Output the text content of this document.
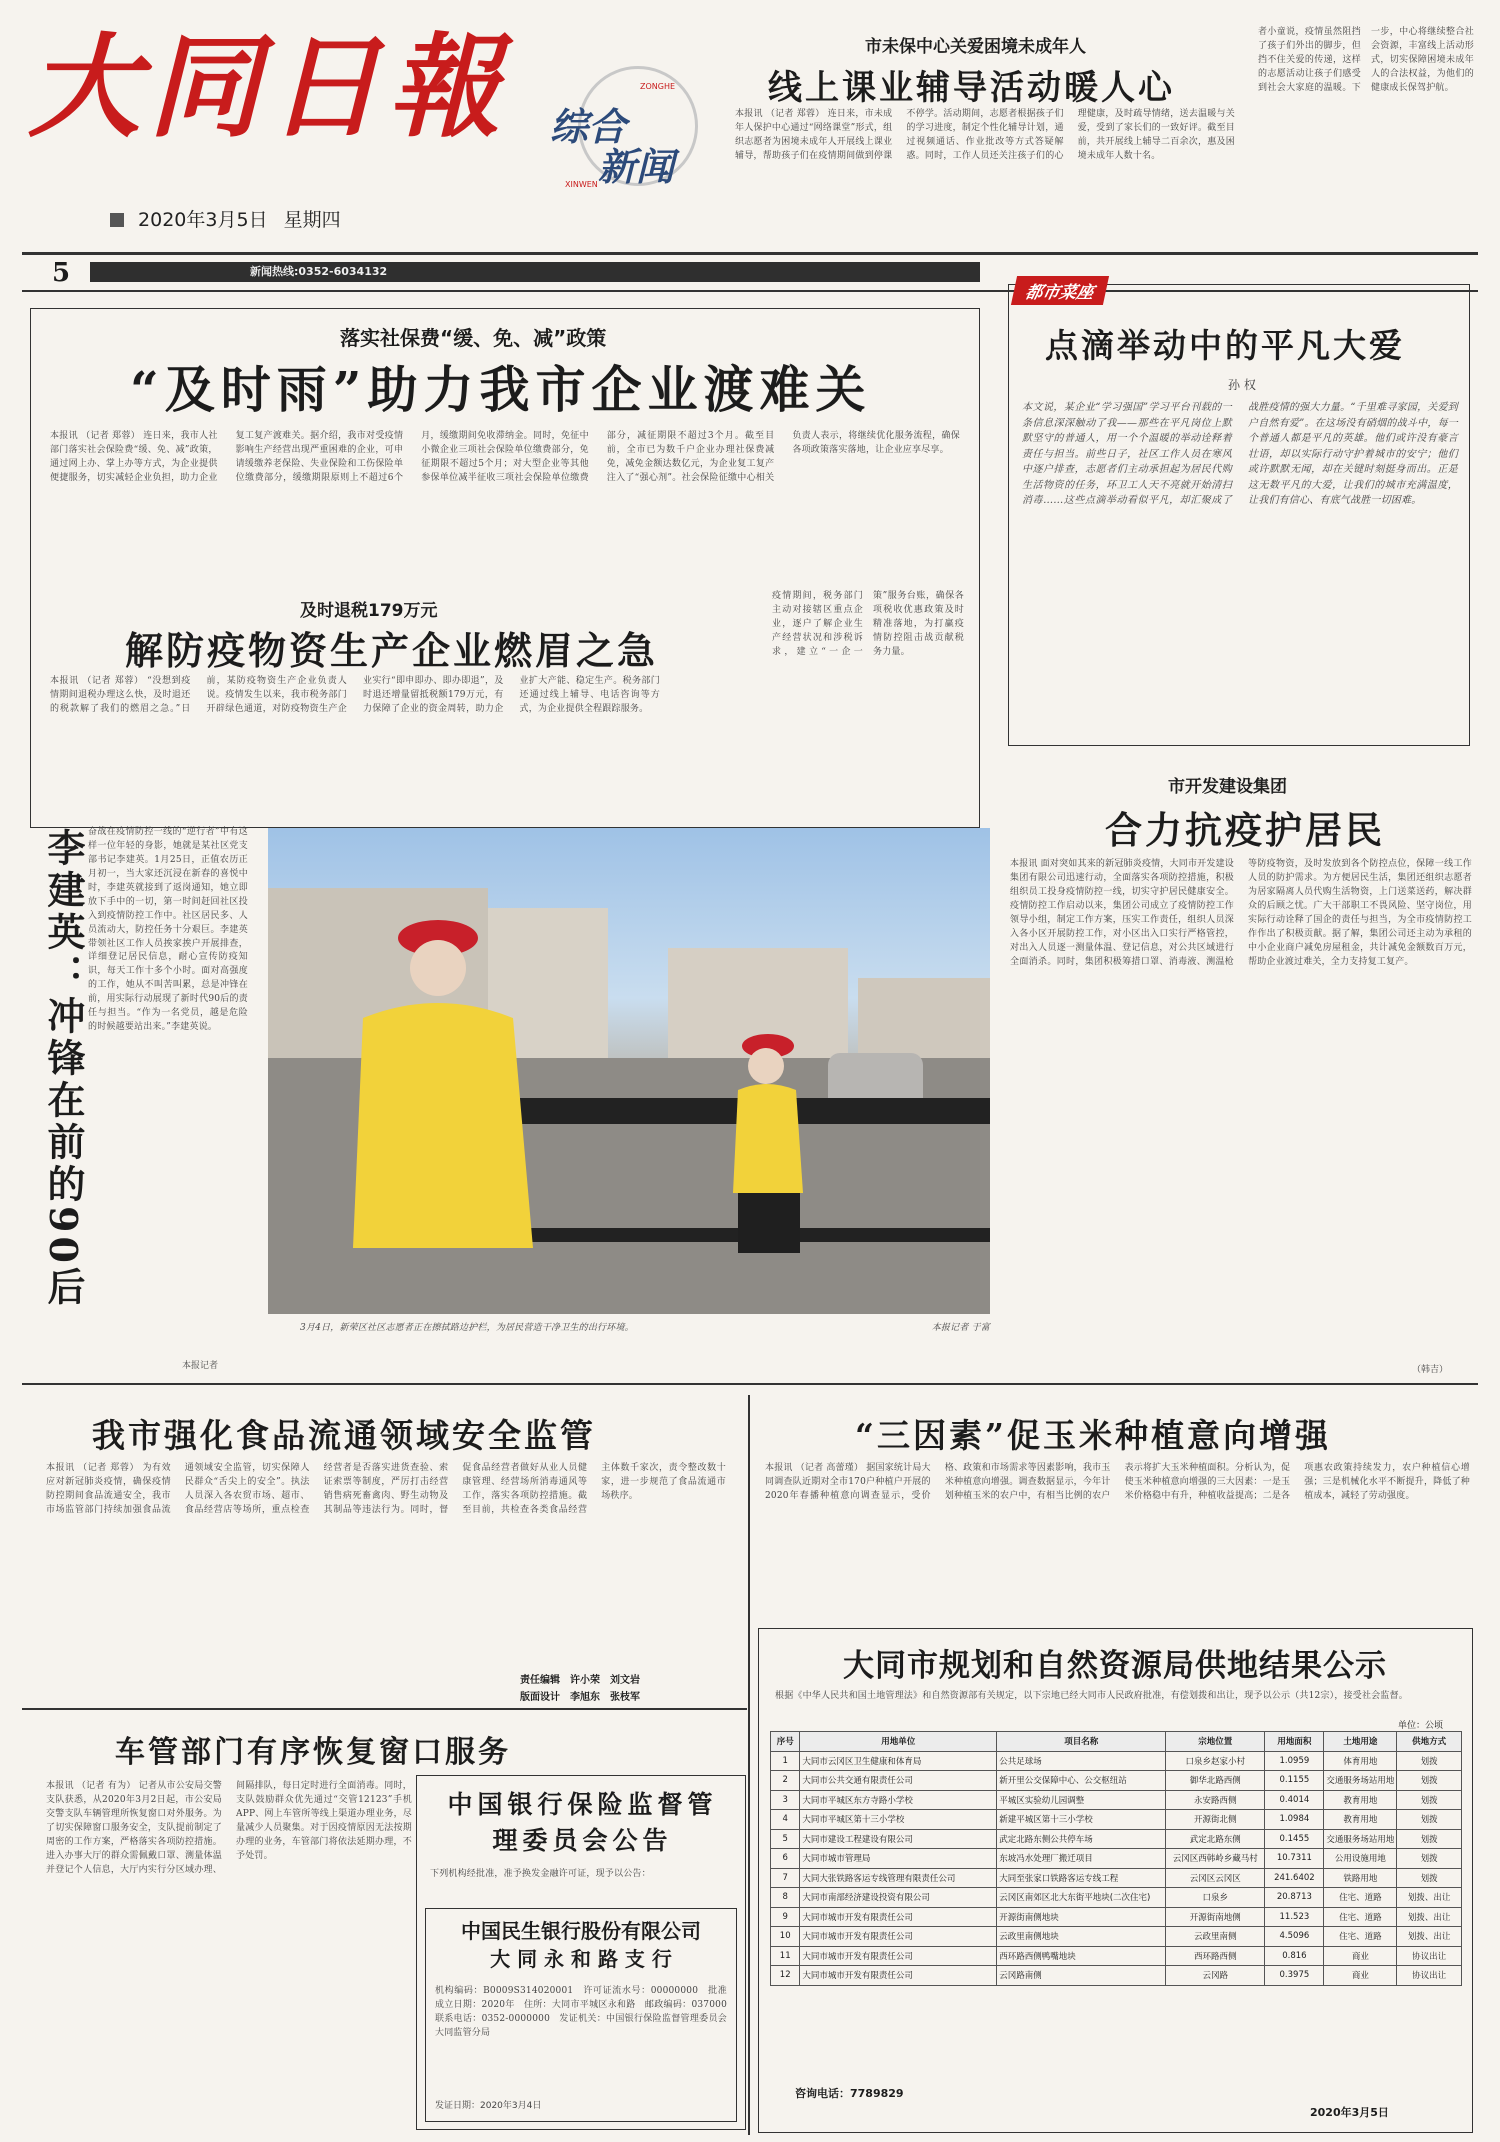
大同日報
2020年3月5日 星期四
综合
ZONGHE
新闻
XINWEN
市未保中心关爱困境未成年人
线上课业辅导活动暖人心
本报讯 （记者 郑蓉） 连日来，市未成年人保护中心通过“网络课堂”形式，组织志愿者为困境未成年人开展线上课业辅导，帮助孩子们在疫情期间做到停课不停学。活动期间，志愿者根据孩子们的学习进度，制定个性化辅导计划，通过视频通话、作业批改等方式答疑解惑。同时，工作人员还关注孩子们的心理健康，及时疏导情绪，送去温暖与关爱，受到了家长们的一致好评。截至目前，共开展线上辅导二百余次，惠及困境未成年人数十名。
者小童说，疫情虽然阻挡了孩子们外出的脚步，但挡不住关爱的传递，这样的志愿活动让孩子们感受到社会大家庭的温暖。下一步，中心将继续整合社会资源，丰富线上活动形式，切实保障困境未成年人的合法权益，为他们的健康成长保驾护航。
5	新闻热线:0352-6034132
落实社保费“缓、免、减”政策
“及时雨”助力我市企业渡难关
本报讯 （记者 郑蓉） 连日来，我市人社部门落实社会保险费“缓、免、减”政策，通过网上办、掌上办等方式，为企业提供便捷服务，切实减轻企业负担，助力企业复工复产渡难关。据介绍，我市对受疫情影响生产经营出现严重困难的企业，可申请缓缴养老保险、失业保险和工伤保险单位缴费部分，缓缴期限原则上不超过6个月，缓缴期间免收滞纳金。同时，免征中小微企业三项社会保险单位缴费部分，免征期限不超过5个月；对大型企业等其他参保单位减半征收三项社会保险单位缴费部分，减征期限不超过3个月。截至目前，全市已为数千户企业办理社保费减免，减免金额达数亿元，为企业复工复产注入了“强心剂”。社会保险征缴中心相关负责人表示，将继续优化服务流程，确保各项政策落实落地，让企业应享尽享。
及时退税179万元
解防疫物资生产企业燃眉之急
本报讯 （记者 郑蓉） “没想到疫情期间退税办理这么快，及时退还的税款解了我们的燃眉之急。”日前，某防疫物资生产企业负责人说。疫情发生以来，我市税务部门开辟绿色通道，对防疫物资生产企业实行“即申即办、即办即退”，及时退还增量留抵税额179万元，有力保障了企业的资金周转，助力企业扩大产能、稳定生产。税务部门还通过线上辅导、电话咨询等方式，为企业提供全程跟踪服务。
疫情期间，税务部门主动对接辖区重点企业，逐户了解企业生产经营状况和涉税诉求，建立“一企一策”服务台账，确保各项税收优惠政策及时精准落地，为打赢疫情防控阻击战贡献税务力量。
都市菜座
点滴举动中的平凡大爱
孙 权
本文说，某企业“学习强国”学习平台刊载的一条信息深深触动了我——那些在平凡岗位上默默坚守的普通人，用一个个温暖的举动诠释着责任与担当。前些日子，社区工作人员在寒风中逐户排查，志愿者们主动承担起为居民代购生活物资的任务，环卫工人天不亮就开始清扫消毒……这些点滴举动看似平凡，却汇聚成了战胜疫情的强大力量。“千里难寻家园，关爱到户自然有爱”。在这场没有硝烟的战斗中，每一个普通人都是平凡的英雄。他们或许没有豪言壮语，却以实际行动守护着城市的安宁；他们或许默默无闻，却在关键时刻挺身而出。正是这无数平凡的大爱，让我们的城市充满温度，让我们有信心、有底气战胜一切困难。
市开发建设集团
合力抗疫护居民
本报讯 面对突如其来的新冠肺炎疫情，大同市开发建设集团有限公司迅速行动，全面落实各项防控措施，积极组织员工投身疫情防控一线，切实守护居民健康安全。疫情防控工作启动以来，集团公司成立了疫情防控工作领导小组，制定工作方案，压实工作责任，组织人员深入各小区开展防控工作，对小区出入口实行严格管控，对出入人员逐一测量体温、登记信息，对公共区域进行全面消杀。同时，集团积极筹措口罩、消毒液、测温枪等防疫物资，及时发放到各个防控点位，保障一线工作人员的防护需求。为方便居民生活，集团还组织志愿者为居家隔离人员代购生活物资，上门送菜送药，解决群众的后顾之忧。广大干部职工不畏风险、坚守岗位，用实际行动诠释了国企的责任与担当，为全市疫情防控工作作出了积极贡献。据了解，集团公司还主动为承租的中小企业商户减免房屋租金，共计减免金额数百万元，帮助企业渡过难关，全力支持复工复产。
（韩吉）
李建英：冲锋在前的90后 奋战在疫情防控一线的“逆行者”中有这样一位年轻的身影，她就是某社区党支部书记李建英。1月25日，正值农历正月初一，当大家还沉浸在新春的喜悦中时，李建英就接到了返岗通知，她立即放下手中的一切，第一时间赶回社区投入到疫情防控工作中。社区居民多、人员流动大，防控任务十分艰巨。李建英带领社区工作人员挨家挨户开展排查，详细登记居民信息，耐心宣传防疫知识，每天工作十多个小时。面对高强度的工作，她从不叫苦叫累，总是冲锋在前，用实际行动展现了新时代90后的责任与担当。“作为一名党员，越是危险的时候越要站出来。”李建英说。
本报记者
3月4日，新荣区社区志愿者正在擦拭路边护栏，为居民营造干净卫生的出行环境。	本报记者 于富
我市强化食品流通领域安全监管
本报讯 （记者 郑蓉） 为有效应对新冠肺炎疫情，确保疫情防控期间食品流通安全，我市市场监管部门持续加强食品流通领域安全监管，切实保障人民群众“舌尖上的安全”。执法人员深入各农贸市场、超市、食品经营店等场所，重点检查经营者是否落实进货查验、索证索票等制度，严厉打击经营销售病死畜禽肉、野生动物及其制品等违法行为。同时，督促食品经营者做好从业人员健康管理、经营场所消毒通风等工作，落实各项防控措施。截至目前，共检查各类食品经营主体数千家次，责令整改数十家，进一步规范了食品流通市场秩序。
责任编辑　许小荣　刘文岩
版面设计　李旭东　张枝军
“三因素”促玉米种植意向增强
本报讯 （记者 高蕾瑾） 据国家统计局大同调查队近期对全市170户种植户开展的2020年春播种植意向调查显示，受价格、政策和市场需求等因素影响，我市玉米种植意向增强。调查数据显示，今年计划种植玉米的农户中，有相当比例的农户表示将扩大玉米种植面积。分析认为，促使玉米种植意向增强的三大因素：一是玉米价格稳中有升，种植收益提高；二是各项惠农政策持续发力，农户种植信心增强；三是机械化水平不断提升，降低了种植成本，减轻了劳动强度。
车管部门有序恢复窗口服务
本报讯 （记者 有为） 记者从市公安局交警支队获悉，从2020年3月2日起，市公安局交警支队车辆管理所恢复窗口对外服务。为了切实保障窗口服务安全，支队提前制定了周密的工作方案，严格落实各项防控措施。进入办事大厅的群众需佩戴口罩、测量体温并登记个人信息，大厅内实行分区域办理、间隔排队，每日定时进行全面消毒。同时，支队鼓励群众优先通过“交管12123”手机APP、网上车管所等线上渠道办理业务，尽量减少人员聚集。对于因疫情原因无法按期办理的业务，车管部门将依法延期办理，不予处罚。
中国银行保险监督管理委员会公告
下列机构经批准，准予换发金融许可证，现予以公告：
中国民生银行股份有限公司
大 同 永 和 路 支 行
机构编码：B0009S314020001　许可证流水号：00000000　批准成立日期：2020年　住所：大同市平城区永和路　邮政编码：037000　联系电话：0352-0000000　发证机关：中国银行保险监督管理委员会大同监管分局
发证日期：2020年3月4日
大同市规划和自然资源局供地结果公示
根据《中华人民共和国土地管理法》和自然资源部有关规定，以下宗地已经大同市人民政府批准，有偿划拨和出让，现予以公示（共12宗），接受社会监督。
单位：公顷
序号	用地单位	项目名称	宗地位置	用地面积	土地用途	供地方式
1	大同市云冈区卫生健康和体育局	公共足球场	口泉乡赵家小村	1.0959	体育用地	划拨
2	大同市公共交通有限责任公司	新开里公交保障中心、公交枢纽站	御华北路西侧	0.1155	交通服务场站用地	划拨
3	大同市平城区东方寺路小学校	平城区实验幼儿园调整	永安路西侧	0.4014	教育用地	划拨
4	大同市平城区第十三小学校	新建平城区第十三小学校	开源街北侧	1.0984	教育用地	划拨
5	大同市建设工程建设有限公司	武定北路东侧公共停车场	武定北路东侧	0.1455	交通服务场站用地	划拨
6	大同市城市管理局	东坡冯水处理厂搬迁项目	云冈区西韩岭乡藏马村	10.7311	公用设施用地	划拨
7	大同大张铁路客运专线管理有限责任公司	大同至张家口铁路客运专线工程	云冈区云冈区	241.6402	铁路用地	划拨
8	大同市南部经济建设投资有限公司	云冈区南郊区北大东街平地块(二次住宅)	口泉乡	20.8713	住宅、道路	划拨、出让
9	大同市城市开发有限责任公司	开源街南侧地块	开源街南地侧	11.523	住宅、道路	划拨、出让
10	大同市城市开发有限责任公司	云政里南侧地块	云政里南侧	4.5096	住宅、道路	划拨、出让
11	大同市城市开发有限责任公司	西环路西侧鸭嘴地块	西环路西侧	0.816	商业	协议出让
12	大同市城市开发有限责任公司	云冈路南侧	云冈路	0.3975	商业	协议出让
咨询电话：7789829
2020年3月5日
